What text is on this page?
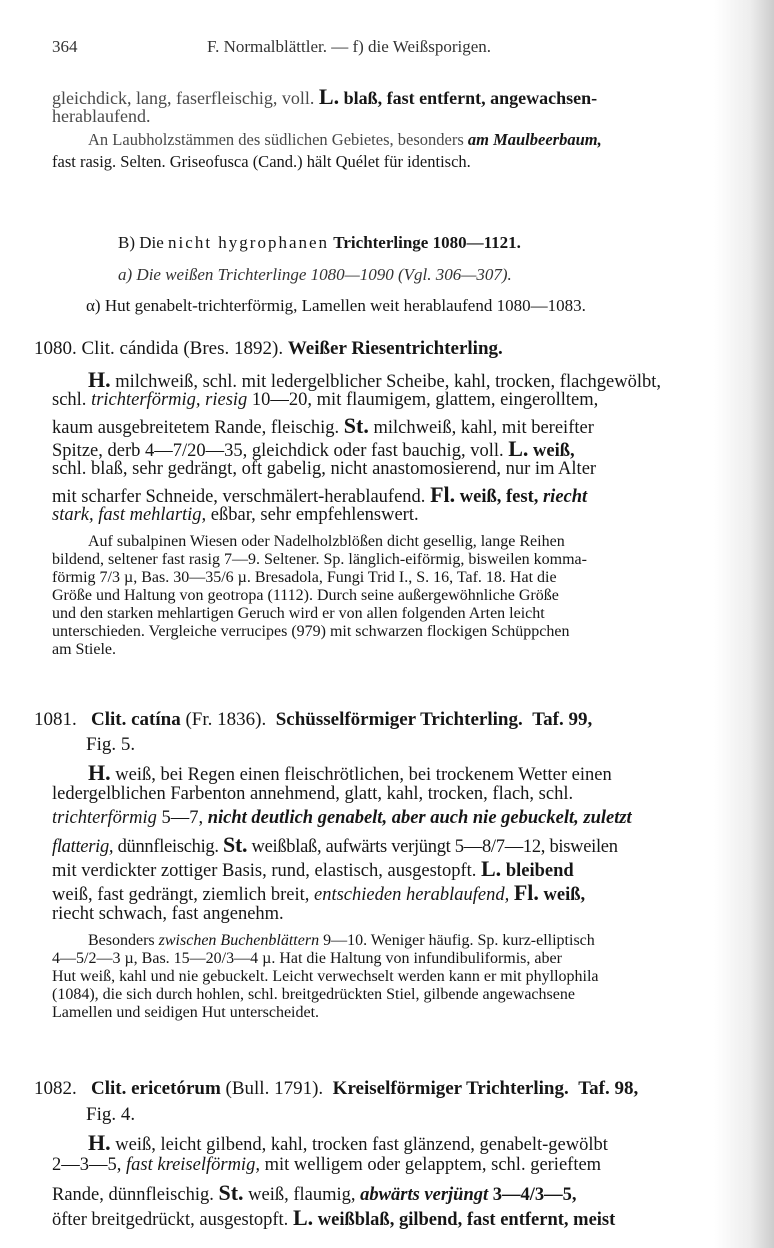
364	F. Normalblättler. — f) die Weißsporigen.
gleichdick, lang, faserfleischig, voll. L. blaß, fast entfernt, angewachsen-
herablaufend.
An Laubholzstämmen des südlichen Gebietes, besonders am Maulbeerbaum,
fast rasig. Selten. Griseofusca (Cand.) hält Quélet für identisch.
B) Die nicht hygrophanen Trichterlinge 1080—1121.
a) Die weißen Trichterlinge 1080—1090 (Vgl. 306—307).
α) Hut genabelt-trichterförmig, Lamellen weit herablaufend 1080—1083.
1080. Clit. cándida (Bres. 1892). Weißer Riesentrichterling.
H. milchweiß, schl. mit ledergelblicher Scheibe, kahl, trocken, flachgewölbt,
schl. trichterförmig, riesig 10—20, mit flaumigem, glattem, eingerolltem,
kaum ausgebreitetem Rande, fleischig. St. milchweiß, kahl, mit bereifter
Spitze, derb 4—7/20—35, gleichdick oder fast bauchig, voll. L. weiß,
schl. blaß, sehr gedrängt, oft gabelig, nicht anastomosierend, nur im Alter
mit scharfer Schneide, verschmälert-herablaufend. Fl. weiß, fest, riecht
stark, fast mehlartig, eßbar, sehr empfehlenswert.
Auf subalpinen Wiesen oder Nadelholzblößen dicht gesellig, lange Reihen
bildend, seltener fast rasig 7—9. Seltener. Sp. länglich-eiförmig, bisweilen komma-
förmig 7/3 µ, Bas. 30—35/6 µ. Bresadola, Fungi Trid I., S. 16, Taf. 18. Hat die
Größe und Haltung von geotropa (1112). Durch seine außergewöhnliche Größe
und den starken mehlartigen Geruch wird er von allen folgenden Arten leicht
unterschieden. Vergleiche verrucipes (979) mit schwarzen flockigen Schüppchen
am Stiele.
1081. Clit. catína (Fr. 1836). Schüsselförmiger Trichterling. Taf. 99,
Fig. 5.
H. weiß, bei Regen einen fleischrötlichen, bei trockenem Wetter einen
ledergelblichen Farbenton annehmend, glatt, kahl, trocken, flach, schl.
trichterförmig 5—7, nicht deutlich genabelt, aber auch nie gebuckelt, zuletzt
flatterig, dünnfleischig. St. weißblaß, aufwärts verjüngt 5—8/7—12, bisweilen
mit verdickter zottiger Basis, rund, elastisch, ausgestopft. L. bleibend
weiß, fast gedrängt, ziemlich breit, entschieden herablaufend, Fl. weiß,
riecht schwach, fast angenehm.
Besonders zwischen Buchenblättern 9—10. Weniger häufig. Sp. kurz-elliptisch
4—5/2—3 µ, Bas. 15—20/3—4 µ. Hat die Haltung von infundibuliformis, aber
Hut weiß, kahl und nie gebuckelt. Leicht verwechselt werden kann er mit phyllophila
(1084), die sich durch hohlen, schl. breitgedrückten Stiel, gilbende angewachsene
Lamellen und seidigen Hut unterscheidet.
1082. Clit. ericetórum (Bull. 1791). Kreiselförmiger Trichterling. Taf. 98,
Fig. 4.
H. weiß, leicht gilbend, kahl, trocken fast glänzend, genabelt-gewölbt
2—3—5, fast kreiselförmig, mit welligem oder gelapptem, schl. gerieftem
Rande, dünnfleischig. St. weiß, flaumig, abwärts verjüngt 3—4/3—5,
öfter breitgedrückt, ausgestopft. L. weißblaß, gilbend, fast entfernt, meist
